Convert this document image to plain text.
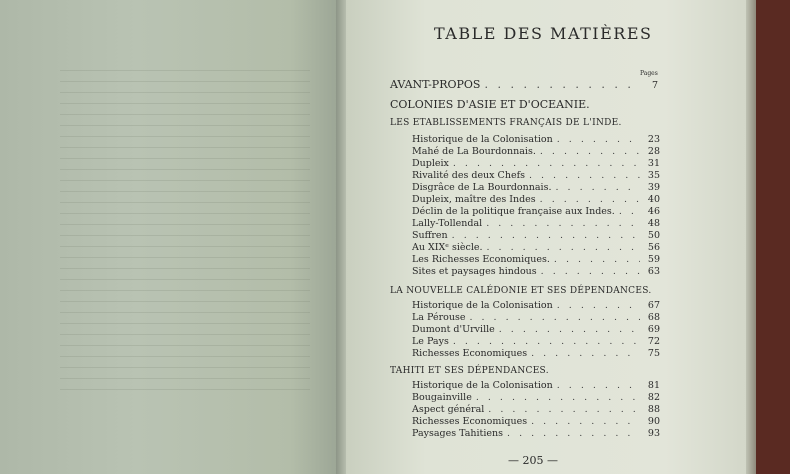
TABLE DES MATIÈRES
Pages
AVANT-PROPOS . . .	7
COLONIES D'ASIE ET D'OCEANIE.
LES ETABLISSEMENTS FRANÇAIS DE L'INDE.
Historique de la Colonisation . . .	23
Mahé de La Bourdonnais. . . .	28
Dupleix . . .	31
Rivalité des deux Chefs . . .	35
Disgrâce de La Bourdonnais. . . .	39
Dupleix, maître des Indes . . .	40
Déclin de la politique française aux Indes. . . .	46
Lally-Tollendal . . .	48
Suffren . . .	50
Au XIXᵉ siècle. . . .	56
Les Richesses Economiques. . . .	59
Sites et paysages hindous . . .	63
LA NOUVELLE CALÉDONIE ET SES DÉPENDANCES.
Historique de la Colonisation . . .	67
La Pérouse . . .	68
Dumont d'Urville . . .	69
Le Pays . . .	72
Richesses Economiques . . .	75
TAHITI ET SES DÉPENDANCES.
Historique de la Colonisation . . .	81
Bougainville . . .	82
Aspect général . . .	88
Richesses Economiques . . .	90
Paysages Tahitiens . . .	93
— 205 —
